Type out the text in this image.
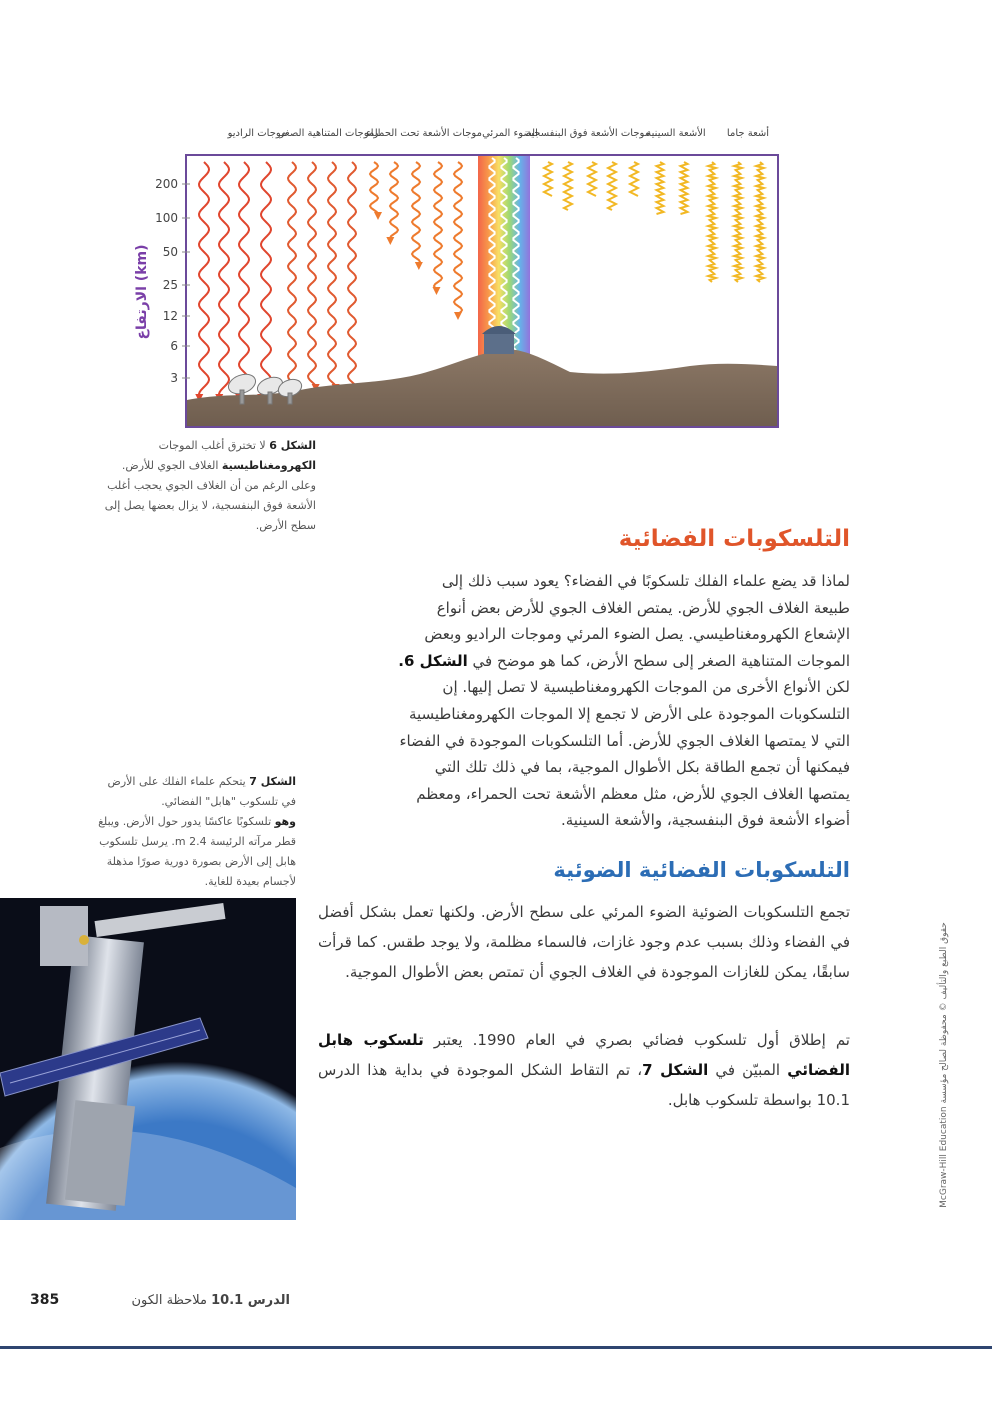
أشعة جاما
الأشعة السينية
موجات الأشعة فوق البنفسجية
الضوء المرئي
موجات الأشعة تحت الحمراء
الموجات المتناهية الصغر
موجات الراديو
الارتفاع (km)
200
100
50
25
12
6
3
الشكل 6 لا تخترق أغلب الموجات
الكهرومغناطيسية الغلاف الجوي للأرض.
وعلى الرغم من أن الغلاف الجوي يحجب أغلب
الأشعة فوق البنفسجية، لا يزال بعضها يصل إلى
سطح الأرض.
التلسكوبات الفضائية
لماذا قد يضع علماء الفلك تلسكوبًا في الفضاء؟ يعود سبب ذلك إلى
طبيعة الغلاف الجوي للأرض. يمتص الغلاف الجوي للأرض بعض أنواع
الإشعاع الكهرومغناطيسي. يصل الضوء المرئي وموجات الراديو وبعض
الموجات المتناهية الصغر إلى سطح الأرض، كما هو موضح في الشكل 6.
لكن الأنواع الأخرى من الموجات الكهرومغناطيسية لا تصل إليها. إن
التلسكوبات الموجودة على الأرض لا تجمع إلا الموجات الكهرومغناطيسية
التي لا يمتصها الغلاف الجوي للأرض. أما التلسكوبات الموجودة في الفضاء
فيمكنها أن تجمع الطاقة بكل الأطوال الموجية، بما في ذلك تلك التي
يمتصها الغلاف الجوي للأرض، مثل معظم الأشعة تحت الحمراء، ومعظم
أضواء الأشعة فوق البنفسجية، والأشعة السينية.
الشكل 7 يتحكم علماء الفلك على الأرض
في تلسكوب "هابل" الفضائي.
وهو تلسكوبًا عاكسًا يدور حول الأرض. ويبلغ
قطر مرآته الرئيسة 2.4 m. يرسل تلسكوب
هابل إلى الأرض بصورة دورية صورًا مذهلة
لأجسام بعيدة للغاية.	التلسكوبات الفضائية الضوئية
تجمع التلسكوبات الضوئية الضوء المرئي على سطح الأرض. ولكنها تعمل بشكل أفضل في الفضاء وذلك بسبب عدم وجود غازات، فالسماء مظلمة، ولا يوجد طقس. كما قرأت سابقًا، يمكن للغازات الموجودة في الغلاف الجوي أن تمتص بعض الأطوال الموجية.
تم إطلاق أول تلسكوب فضائي بصري في العام 1990. يعتبر تلسكوب هابل الفضائي المبيّن في الشكل 7، تم التقاط الشكل الموجودة في بداية هذا الدرس 10.1 بواسطة تلسكوب هابل.
حقوق الطبع والتأليف © محفوظة لصالح مؤسسة McGraw-Hill Education
385	الدرس 10.1 ملاحظة الكون
